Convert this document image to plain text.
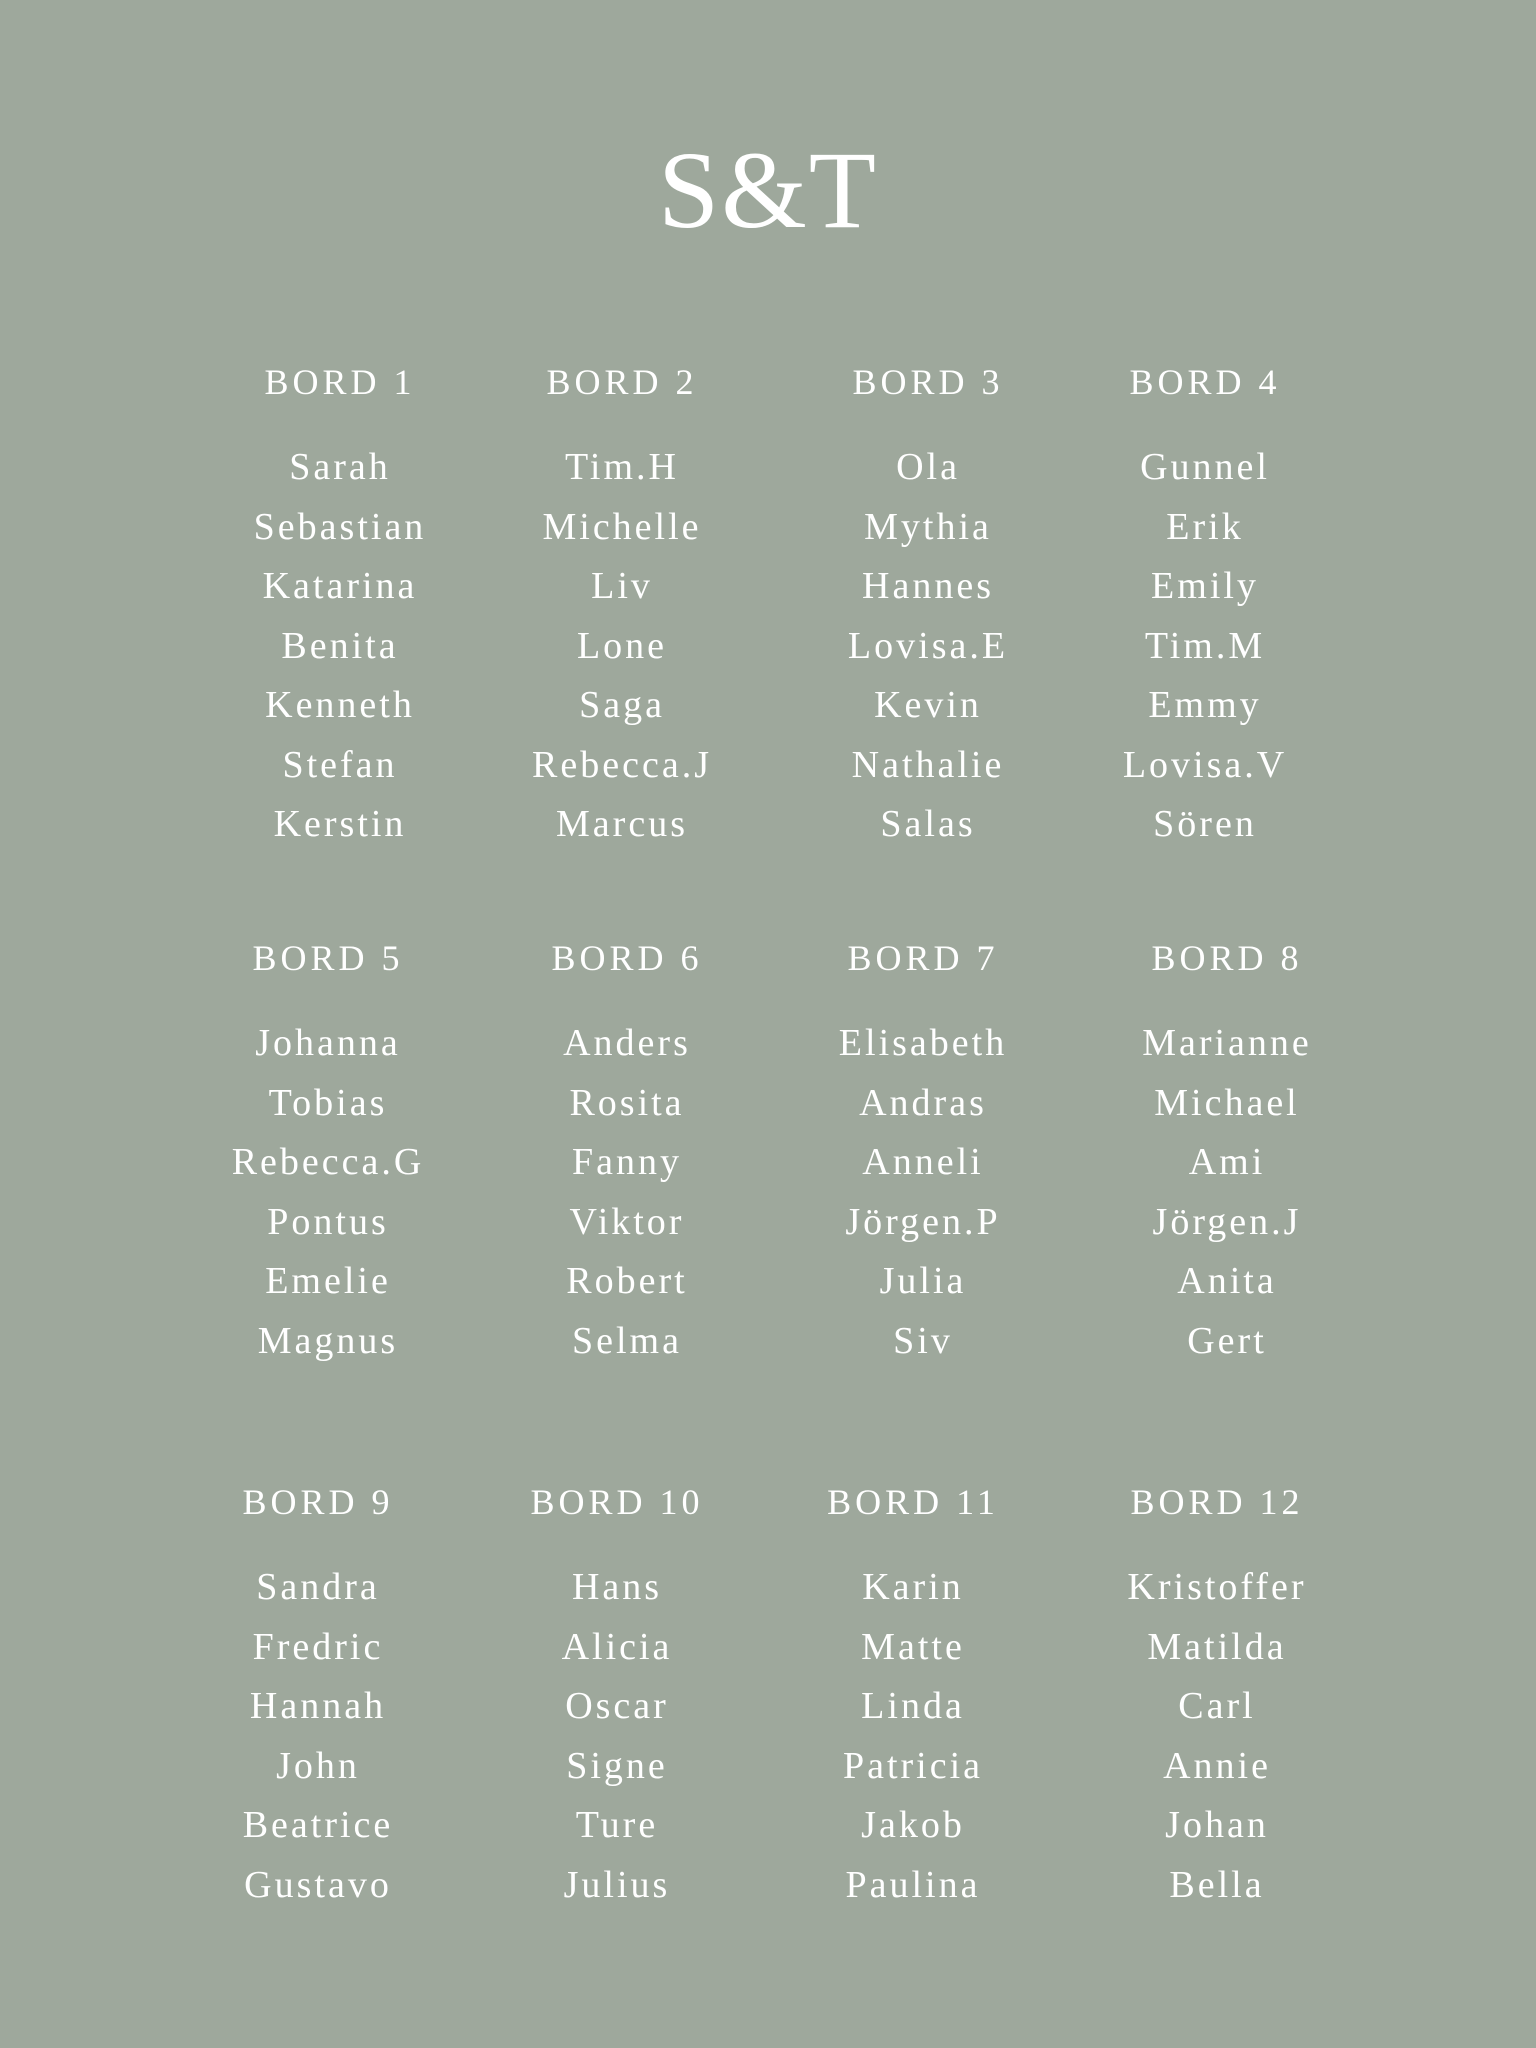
S&T
BORD 1
Sarah
Sebastian
Katarina
Benita
Kenneth
Stefan
Kerstin
BORD 2
Tim.H
Michelle
Liv
Lone
Saga
Rebecca.J
Marcus
BORD 3
Ola
Mythia
Hannes
Lovisa.E
Kevin
Nathalie
Salas
BORD 4
Gunnel
Erik
Emily
Tim.M
Emmy
Lovisa.V
Sören
BORD 5
Johanna
Tobias
Rebecca.G
Pontus
Emelie
Magnus
BORD 6
Anders
Rosita
Fanny
Viktor
Robert
Selma
BORD 7
Elisabeth
Andras
Anneli
Jörgen.P
Julia
Siv
BORD 8
Marianne
Michael
Ami
Jörgen.J
Anita
Gert
BORD 9
Sandra
Fredric
Hannah
John
Beatrice
Gustavo
BORD 10
Hans
Alicia
Oscar
Signe
Ture
Julius
BORD 11
Karin
Matte
Linda
Patricia
Jakob
Paulina
BORD 12
Kristoffer
Matilda
Carl
Annie
Johan
Bella
